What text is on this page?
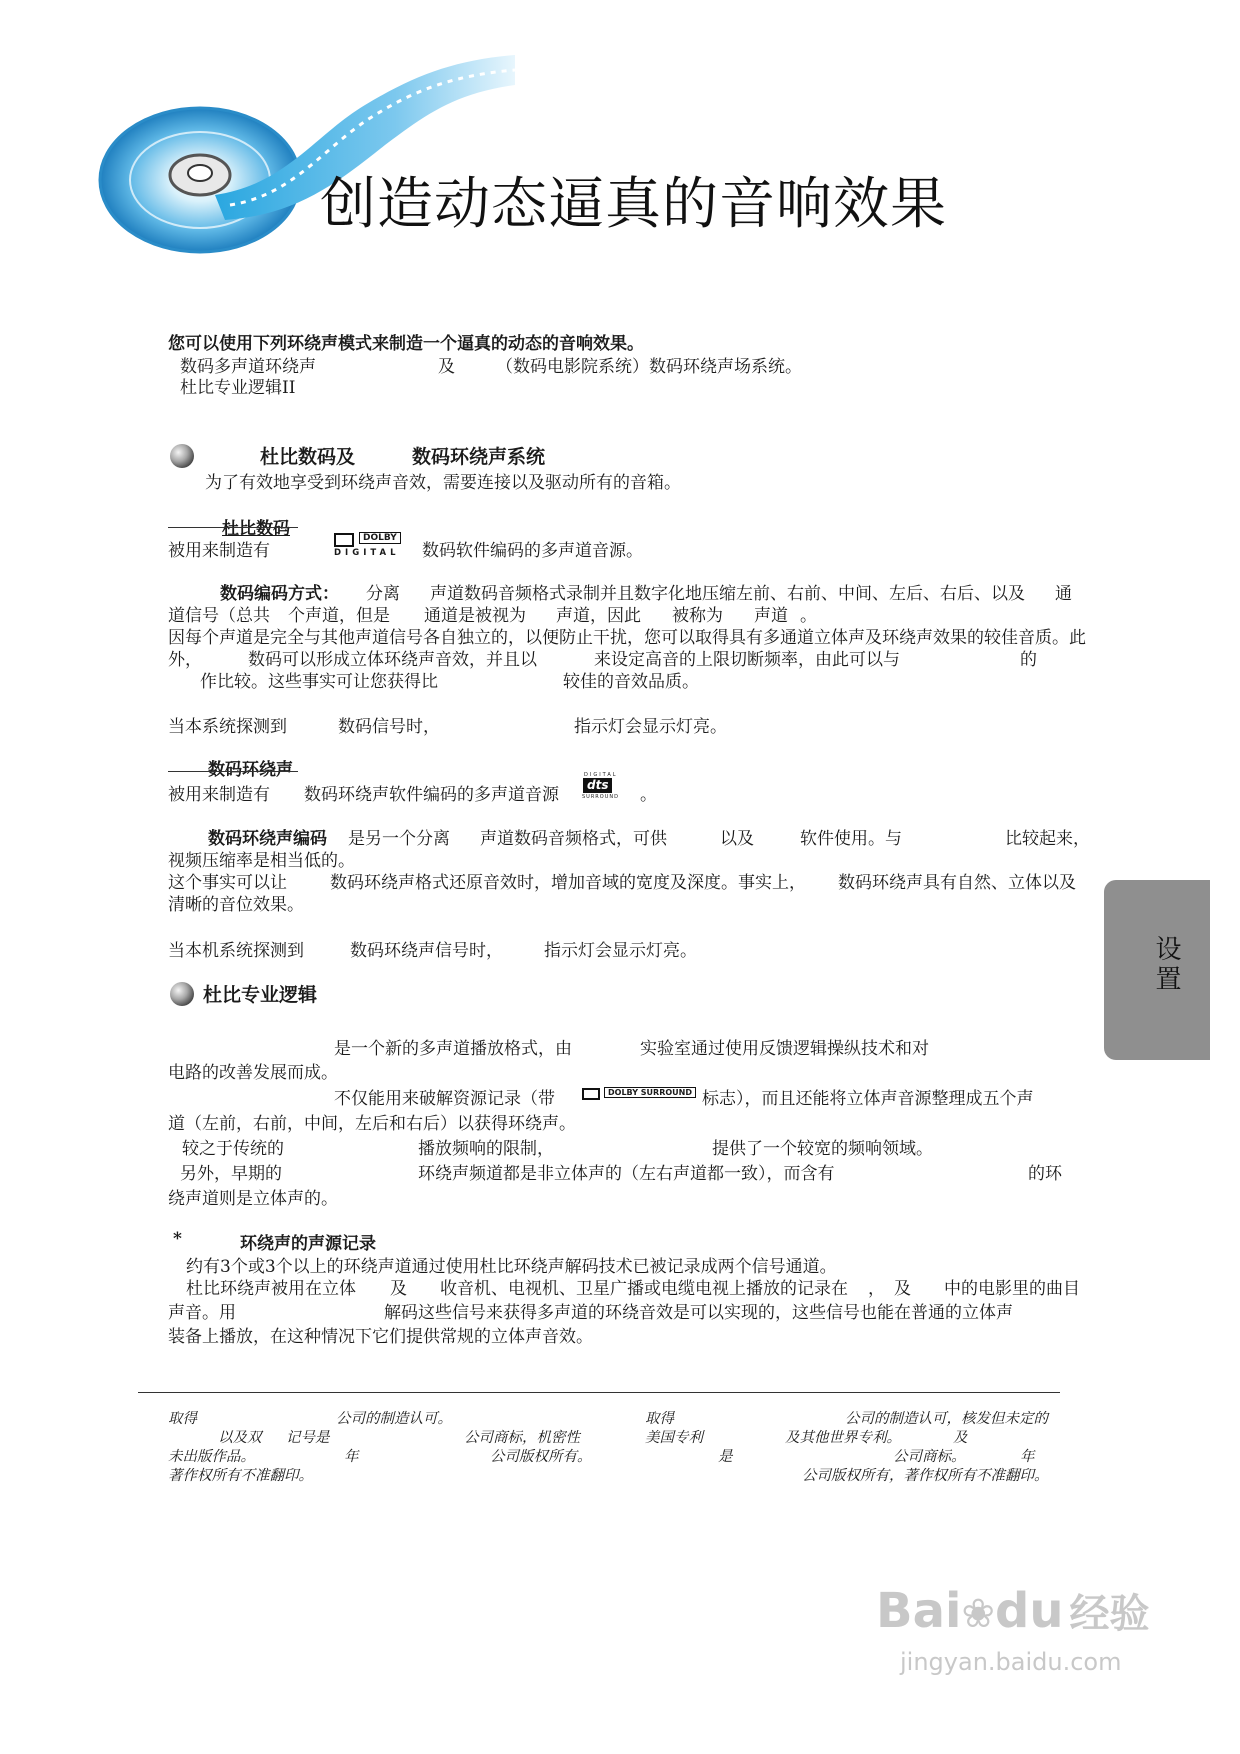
创造动态逼真的音响效果
您可以使用下列环绕声模式来制造一个逼真的动态的音响效果。
数码多声道环绕声	及 （数码电影院系统）数码环绕声场系统。
杜比专业逻辑II
杜比数码及	数码环绕声系统
为了有效地享受到环绕声音效，需要连接以及驱动所有的音箱。
杜比数码
被用来制造有
DOLBY
DIGITAL 数码软件编码的多声道音源。
数码编码方式： 分离 声道数码音频格式录制并且数字化地压缩左前、右前、中间、左后、右后、以及 通
道信号（总共 个声道，但是 通道是被视为 声道，因此 被称为 声道 。
因每个声道是完全与其他声道信号各自独立的，以便防止干扰，您可以取得具有多通道立体声及环绕声效果的较佳音质。此
外，	数码可以形成立体环绕声音效，并且以	来设定高音的上限切断频率，由此可以与	的
作比较。这些事实可让您获得比	较佳的音效品质。
当本系统探测到	数码信号时，	指示灯会显示灯亮。
数码环绕声
被用来制造有 数码环绕声软件编码的多声道音源
DIGITAL
dts
SURROUND 。
数码环绕声编码 是另一个分离 声道数码音频格式，可供	以及	软件使用。与	比较起来，
视频压缩率是相当低的。
这个事实可以让	数码环绕声格式还原音效时，增加音域的宽度及深度。事实上， 数码环绕声具有自然、立体以及
清晰的音位效果。
当本机系统探测到	数码环绕声信号时， 指示灯会显示灯亮。
杜比专业逻辑
是一个新的多声道播放格式，由	实验室通过使用反馈逻辑操纵技术和对
电路的改善发展而成。
不仅能用来破解资源记录（带	DOLBY SURROUND 标志），而且还能将立体声音源整理成五个声
道（左前，右前，中间，左后和右后）以获得环绕声。
较之于传统的	播放频响的限制，	提供了一个较宽的频响领域。
另外，早期的	环绕声频道都是非立体声的（左右声道都一致），而含有	的环
绕声道则是立体声的。
*	环绕声的声源记录
约有3个或3个以上的环绕声道通过使用杜比环绕声解码技术已被记录成两个信号通道。
杜比环绕声被用在立体 及 收音机、电视机、卫星广播或电缆电视上播放的记录在 ， 及 中的电影里的曲目
声音。用	解码这些信号来获得多声道的环绕音效是可以实现的，这些信号也能在普通的立体声
装备上播放，在这种情况下它们提供常规的立体声音效。
取得	公司的制造认可。
以及双 记号是	公司商标，机密性
未出版作品。	年	公司版权所有。
著作权所有不准翻印。
取得	公司的制造认可，核发但未定的
美国专利	及其他世界专利。	及
是	公司商标。	年
公司版权所有，著作权所有不准翻印。
设置
Bai❀du 经验
jingyan.baidu.com
